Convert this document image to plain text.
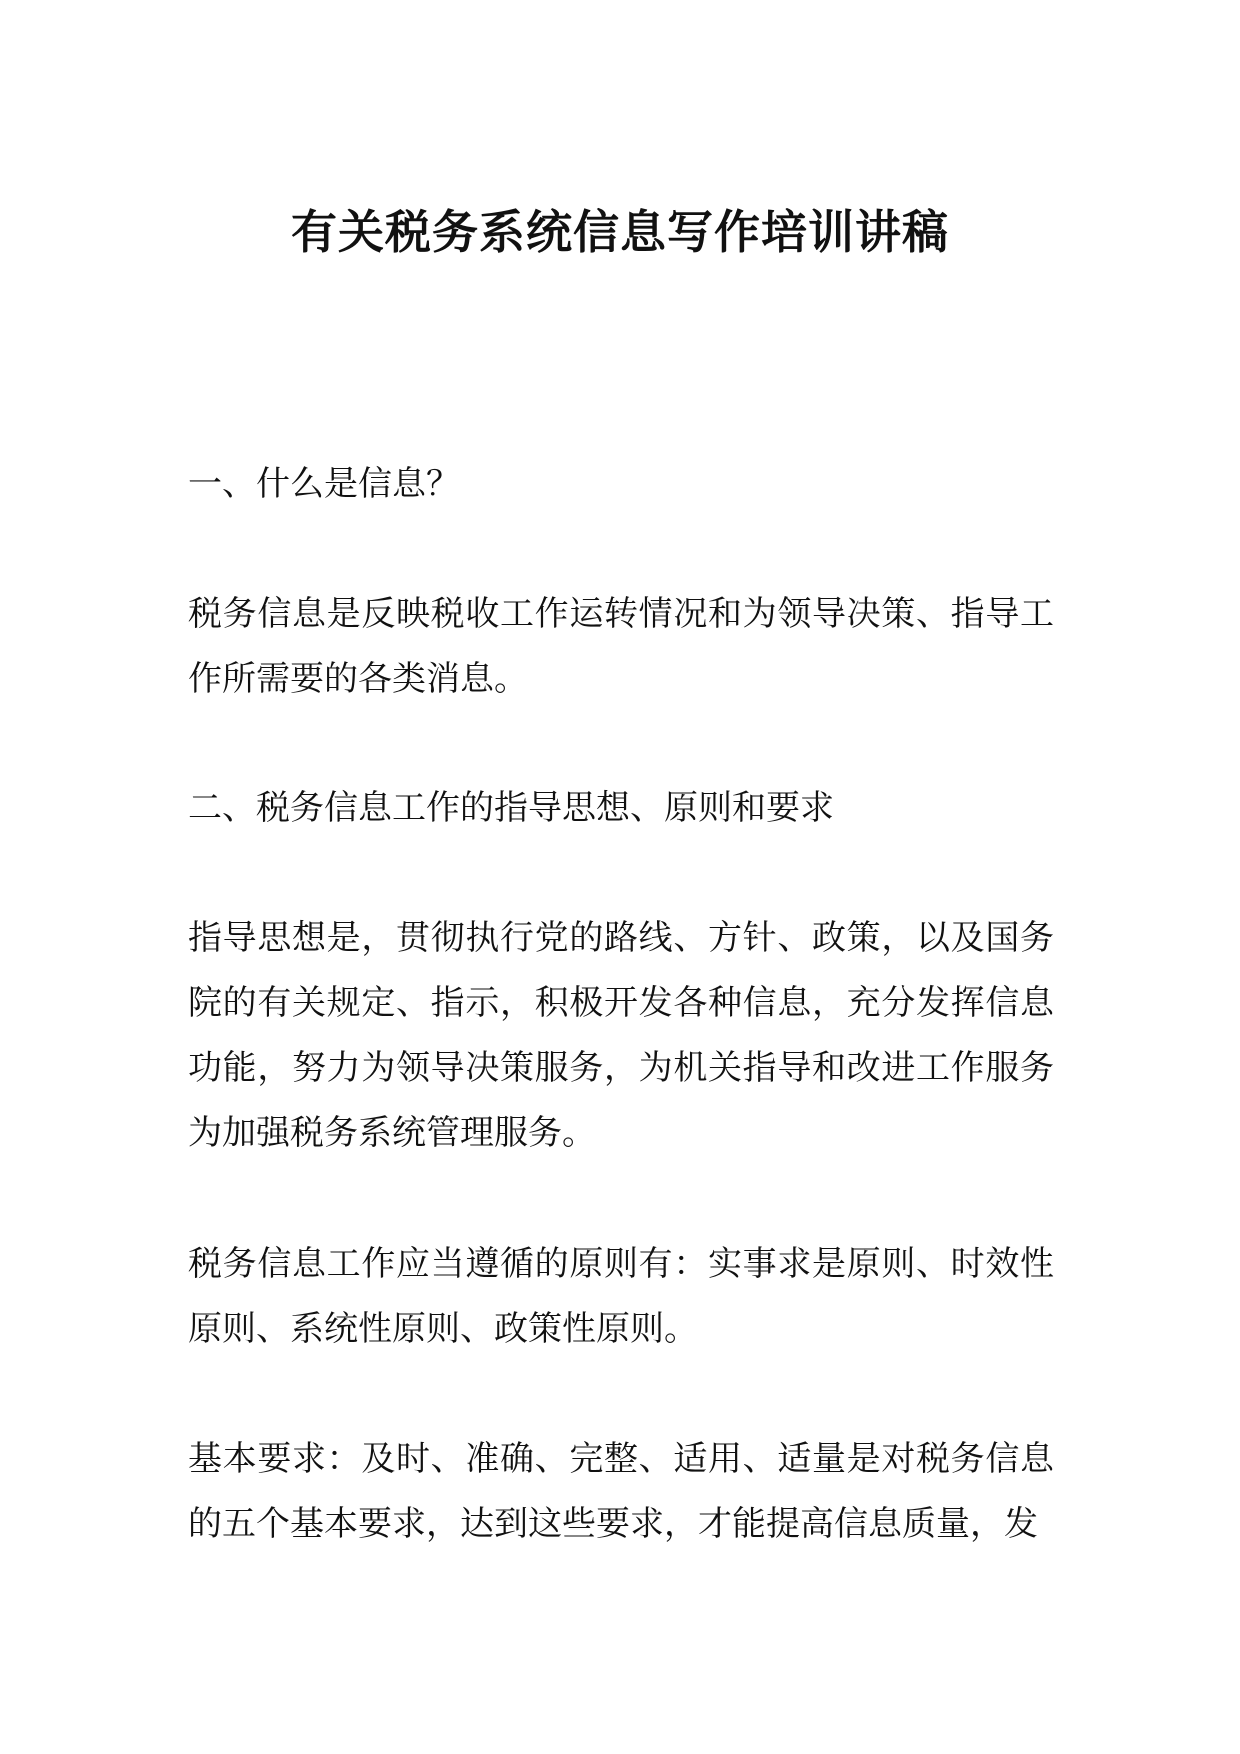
有关税务系统信息写作培训讲稿

一、什么是信息？

税务信息是反映税收工作运转情况和为领导决策、指导工作所需要的各类消息。

二、税务信息工作的指导思想、原则和要求

指导思想是，贯彻执行党的路线、方针、政策，以及国务院的有关规定、指示，积极开发各种信息，充分发挥信息功能，努力为领导决策服务，为机关指导和改进工作服务为加强税务系统管理服务。

税务信息工作应当遵循的原则有：实事求是原则、时效性原则、系统性原则、政策性原则。

基本要求：及时、准确、完整、适用、适量是对税务信息的五个基本要求，达到这些要求，才能提高信息质量，发
